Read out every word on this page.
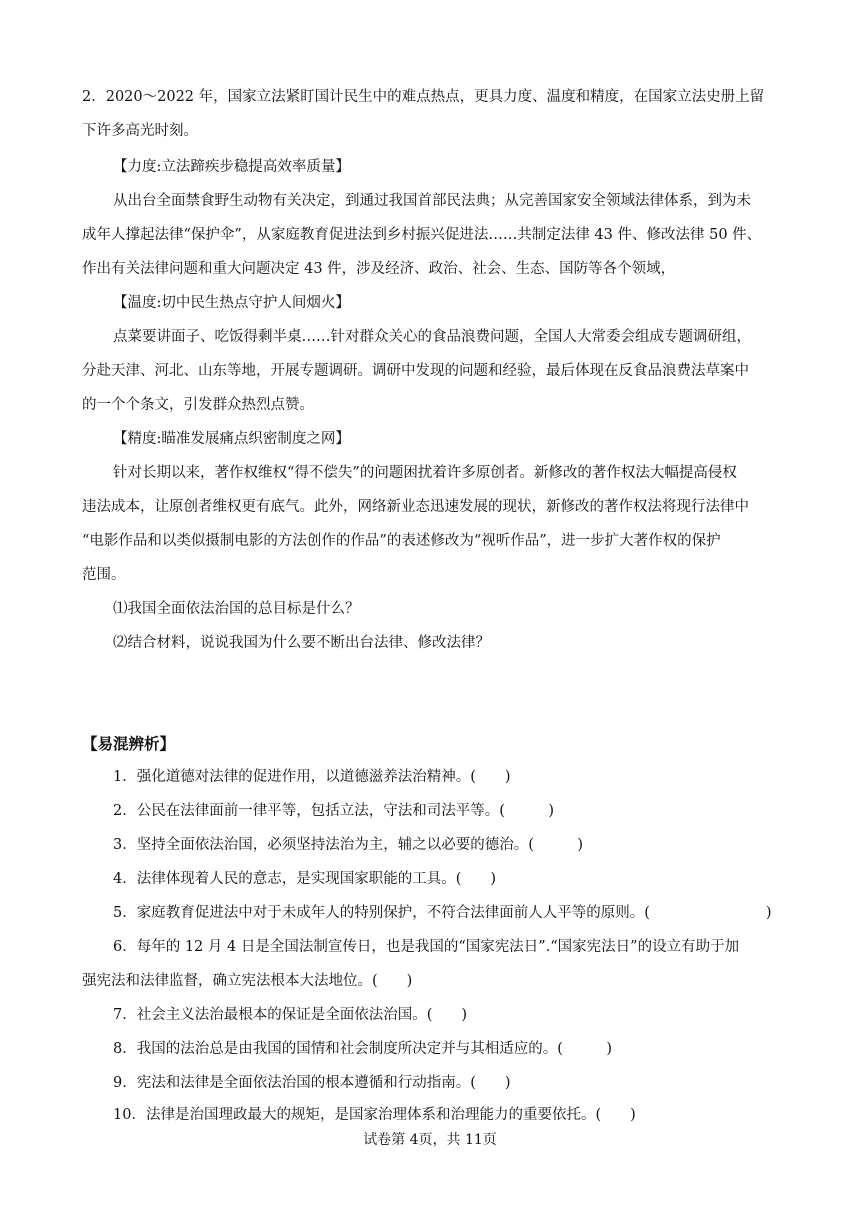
2．2020～2022 年，国家立法紧盯国计民生中的难点热点，更具力度、温度和精度，在国家立法史册上留
下许多高光时刻。
【力度:立法蹄疾步稳提高效率质量】
从出台全面禁食野生动物有关决定，到通过我国首部民法典；从完善国家安全领域法律体系，到为未
成年人撑起法律“保护伞”，从家庭教育促进法到乡村振兴促进法……共制定法律 43 件、修改法律 50 件、
作出有关法律问题和重大问题决定 43 件，涉及经济、政治、社会、生态、国防等各个领域，
【温度:切中民生热点守护人间烟火】
点菜要讲面子、吃饭得剩半桌……针对群众关心的食品浪费问题，全国人大常委会组成专题调研组，
分赴天津、河北、山东等地，开展专题调研。调研中发现的问题和经验，最后体现在反食品浪费法草案中
的一个个条文，引发群众热烈点赞。
【精度:瞄准发展痛点织密制度之网】
针对长期以来，著作权维权“得不偿失”的问题困扰着许多原创者。新修改的著作权法大幅提高侵权
违法成本，让原创者维权更有底气。此外，网络新业态迅速发展的现状，新修改的著作权法将现行法律中
“电影作品和以类似摄制电影的方法创作的作品”的表述修改为“视听作品”，进一步扩大著作权的保护
范围。
⑴我国全面依法治国的总目标是什么？
⑵结合材料，说说我国为什么要不断出台法律、修改法律？
【易混辨析】
1．强化道德对法律的促进作用，以道德滋养法治精神。(　　)
2．公民在法律面前一律平等，包括立法，守法和司法平等。(　　　)
3．坚持全面依法治国，必须坚持法治为主，辅之以必要的德治。(　　　)
4．法律体现着人民的意志，是实现国家职能的工具。(　　)
5．家庭教育促进法中对于未成年人的特别保护，不符合法律面前人人平等的原则。(　　　　　　　　)
6．每年的 12 月 4 日是全国法制宣传日，也是我国的“国家宪法日”.“国家宪法日”的设立有助于加
强宪法和法律监督，确立宪法根本大法地位。(　　)
7．社会主义法治最根本的保证是全面依法治国。(　　)
8．我国的法治总是由我国的国情和社会制度所决定并与其相适应的。(　　　)
9．宪法和法律是全面依法治国的根本遵循和行动指南。(　　)
10．法律是治国理政最大的规矩，是国家治理体系和治理能力的重要依托。(　　)
试卷第 4页，共 11页
